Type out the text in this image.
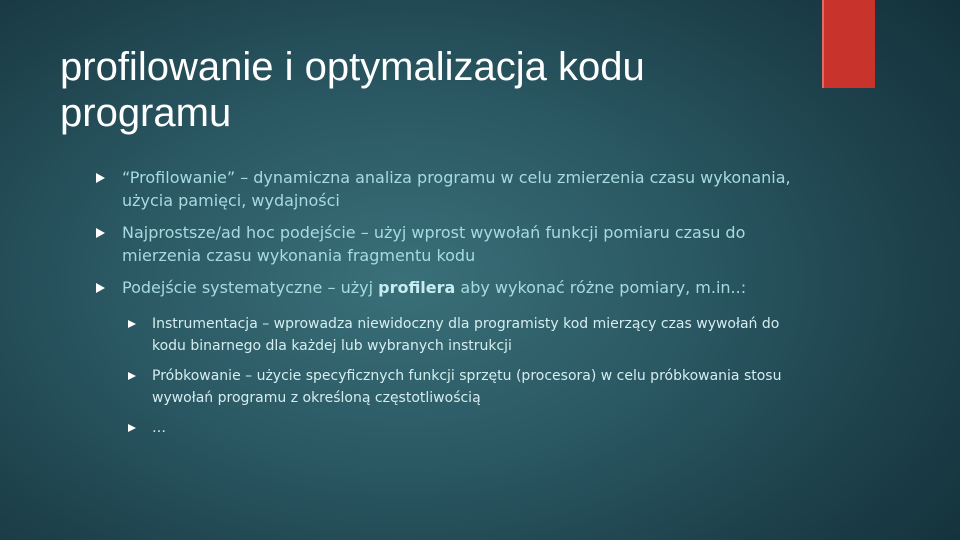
profilowanie i optymalizacja kodu programu
“Profilowanie” – dynamiczna analiza programu w celu zmierzenia czasu wykonania, użycia pamięci, wydajności
Najprostsze/ad hoc podejście – użyj wprost wywołań funkcji pomiaru czasu do mierzenia czasu wykonania fragmentu kodu
Podejście systematyczne – użyj profilera aby wykonać różne pomiary, m.in..:
Instrumentacja – wprowadza niewidoczny dla programisty kod mierzący czas wywołań do kodu binarnego dla każdej lub wybranych instrukcji
Próbkowanie – użycie specyficznych funkcji sprzętu (procesora) w celu próbkowania stosu wywołań programu z określoną częstotliwością
…
